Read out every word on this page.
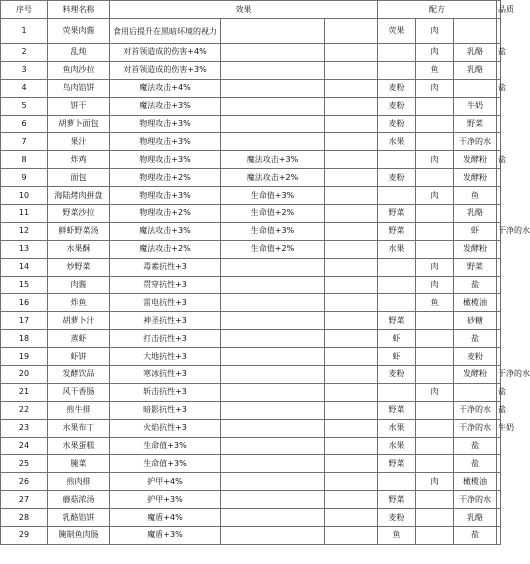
序号	料理名称	效果			配方			品质	
1	荧果肉酱	食用后提升在黑暗环境的视力			荧果	肉			
2	乱炖	对首领造成的伤害+4%				肉	乳酪	盐	
3	鱼肉沙拉	对首领造成的伤害+3%				鱼	乳酪		
4	鸟肉馅饼	魔法攻击+4%			麦粉	肉		盐	
5	饼干	魔法攻击+3%			麦粉		牛奶		
6	胡萝卜面包	物理攻击+3%			麦粉		野菜		
7	果汁	物理攻击+3%			水果		干净的水		
8	炸鸡	物理攻击+3%	魔法攻击+3%			肉	发酵粉	盐	
9	面包	物理攻击+2%	魔法攻击+2%		麦粉		发酵粉		
10	海陆烤肉拼盘	物理攻击+3%	生命值+3%			肉	鱼		
11	野菜沙拉	物理攻击+2%	生命值+2%		野菜		乳酪		
12	鲜虾野菜汤	魔法攻击+3%	生命值+3%		野菜		虾	干净的水	
13	水果酥	魔法攻击+2%	生命值+2%		水果		发酵粉		
14	炒野菜	毒素抗性+3				肉	野菜		
15	肉酱	贯穿抗性+3				肉	盐		
16	炸鱼	雷电抗性+3				鱼	橄榄油		
17	胡萝卜汁	神圣抗性+3			野菜		砂糖		
18	蒸虾	打击抗性+3			虾		盐		
19	虾饼	大地抗性+3			虾		麦粉		
20	发酵饮品	寒冰抗性+3			麦粉		发酵粉	干净的水	
21	风干香肠	斩击抗性+3				肉		盐	
22	煎牛排	暗影抗性+3			野菜		干净的水	盐	
23	水果布丁	火焰抗性+3			水果		干净的水	牛奶	
24	水果蛋糕	生命值+3%			水果		盐		
25	腌菜	生命值+3%			野菜		盐		
26	煎肉排	护甲+4%				肉	橄榄油		
27	蘑菇浓汤	护甲+3%			野菜		干净的水		
28	乳酪馅饼	魔盾+4%			麦粉		乳酪		
29	腌制鱼肉肠	魔盾+3%			鱼		盐		
